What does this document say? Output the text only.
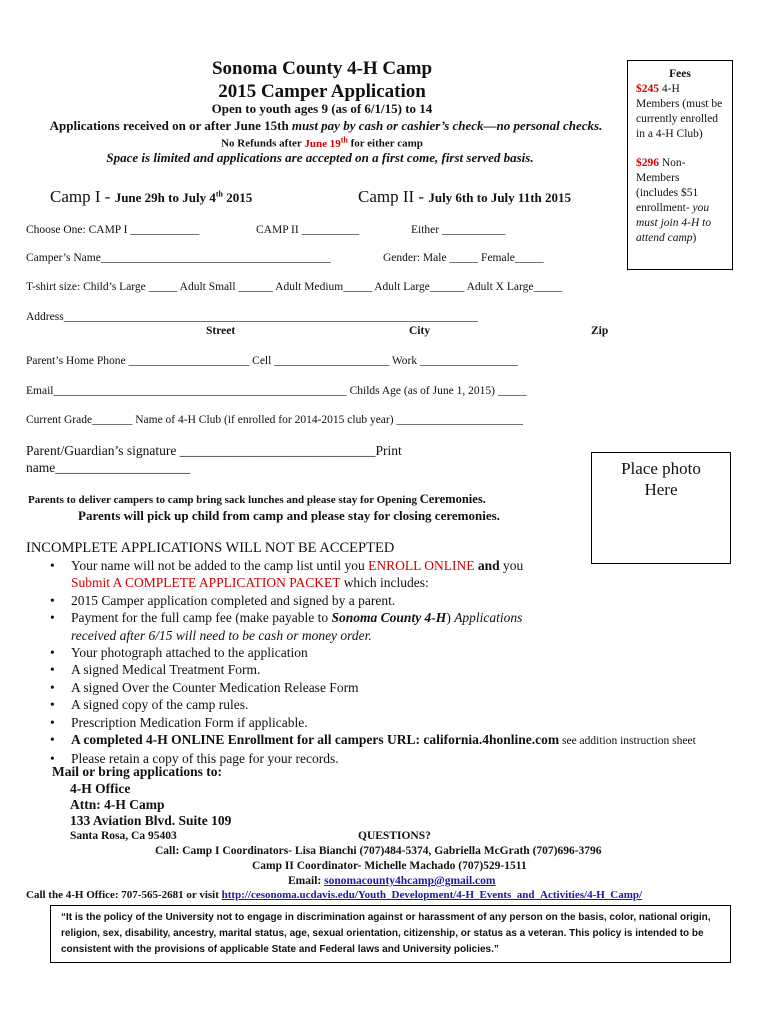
Sonoma County 4-H Camp
2015 Camper Application
Open to youth ages 9 (as of 6/1/15) to 14
Applications received on or after June 15th must pay by cash or cashier’s check—no personal checks.
No Refunds after June 19th for either camp
Space is limited and applications are accepted on a first come, first served basis.
Fees
$245 4-H Members (must be currently enrolled in a 4-H Club)
$296 Non-Members (includes $51 enrollment- you must join 4-H to attend camp)
Camp I - June 29h to July 4th 2015	Camp II - July 6th to July 11th 2015
Choose One: CAMP I ____________	CAMP II __________	Either ___________
Camper’s Name________________________________________	Gender: Male _____ Female_____
T-shirt size: Child’s Large _____ Adult Small ______ Adult Medium_____ Adult Large______ Adult X Large_____
Address________________________________________________________________________
Street	City	Zip
Parent’s Home Phone _____________________ Cell ____________________ Work _________________
Email___________________________________________________ Childs Age (as of June 1, 2015) _____
Current Grade_______ Name of 4-H Club (if enrolled for 2014-2015 club year) ______________________
Parent/Guardian’s signature _____________________________Print
name____________________	Place photo
Here
Parents to deliver campers to camp bring sack lunches and please stay for Opening Ceremonies.
Parents will pick up child from camp and please stay for closing ceremonies.
INCOMPLETE APPLICATIONS WILL NOT BE ACCEPTED
• Your name will not be added to the camp list until you ENROLL ONLINE and you
Submit A COMPLETE APPLICATION PACKET which includes:
• 2015 Camper application completed and signed by a parent.
• Payment for the full camp fee (make payable to Sonoma County 4-H) Applications
received after 6/15 will need to be cash or money order.
• Your photograph attached to the application
• A signed Medical Treatment Form.
• A signed Over the Counter Medication Release Form
• A signed copy of the camp rules.
• Prescription Medication Form if applicable.
• A completed 4-H ONLINE Enrollment for all campers URL: california.4honline.com see addition instruction sheet
• Please retain a copy of this page for your records.
Mail or bring applications to:
4-H Office
Attn: 4-H Camp
133 Aviation Blvd. Suite 109
Santa Rosa, Ca 95403	QUESTIONS?
Call: Camp I Coordinators- Lisa Bianchi (707)484-5374, Gabriella McGrath (707)696-3796
Camp II Coordinator- Michelle Machado (707)529-1511
Email: sonomacounty4hcamp@gmail.com
Call the 4-H Office: 707-565-2681 or visit http://cesonoma.ucdavis.edu/Youth_Development/4-H_Events_and_Activities/4-H_Camp/
“It is the policy of the University not to engage in discrimination against or harassment of any person on the basis, color, national origin, religion, sex, disability, ancestry, marital status, age, sexual orientation, citizenship, or status as a veteran. This policy is intended to be consistent with the provisions of applicable State and Federal laws and University policies.”
